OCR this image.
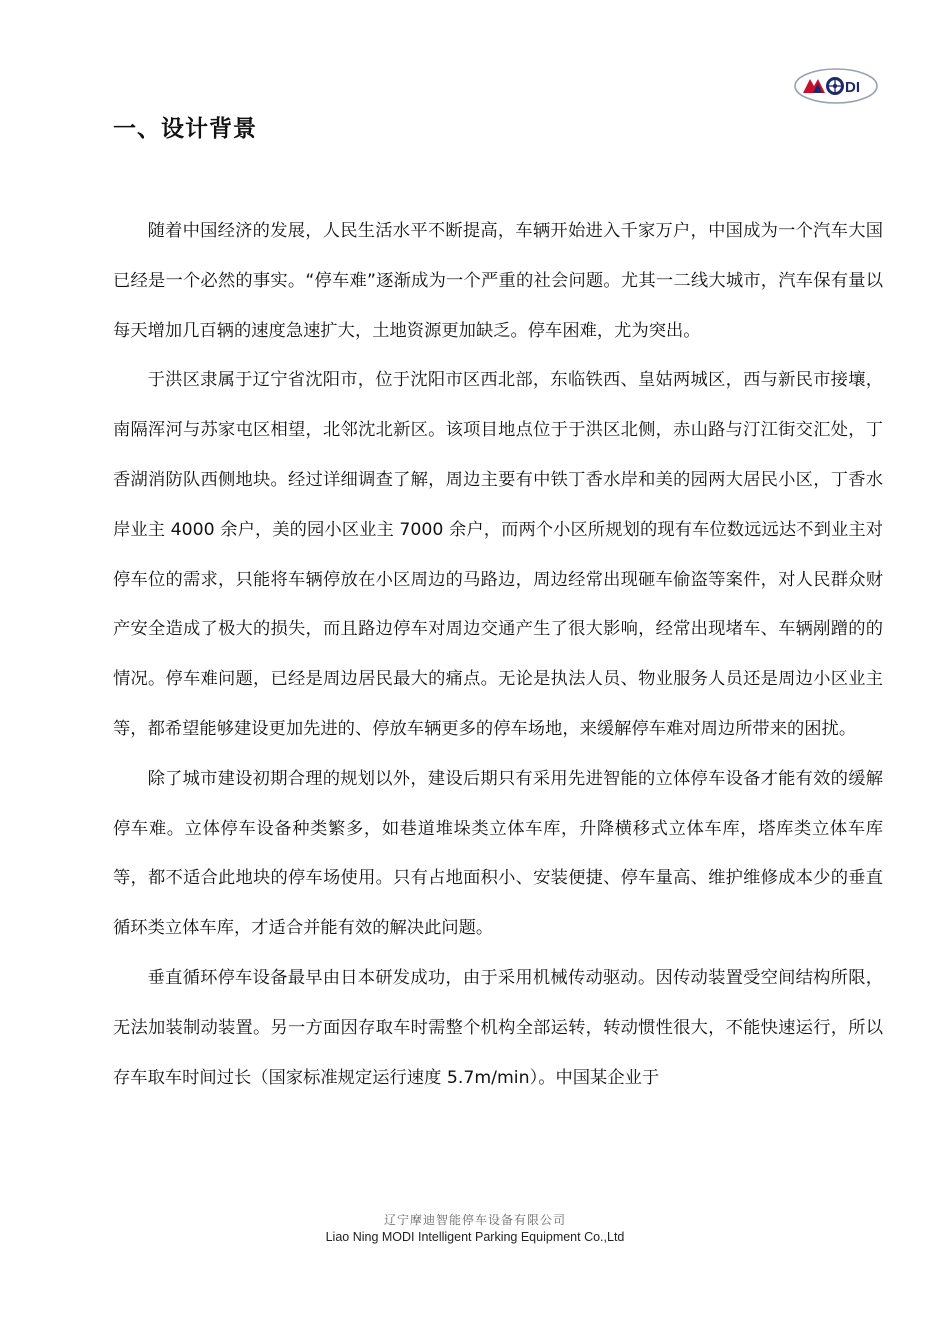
DI
一、设计背景

随着中国经济的发展，人民生活水平不断提高，车辆开始进入千家万户，中国成为一个汽车大国已经是一个必然的事实。“停车难”逐渐成为一个严重的社会问题。尤其一二线大城市，汽车保有量以每天增加几百辆的速度急速扩大，土地资源更加缺乏。停车困难，尤为突出。

于洪区隶属于辽宁省沈阳市，位于沈阳市区西北部，东临铁西、皇姑两城区，西与新民市接壤，南隔浑河与苏家屯区相望，北邻沈北新区。该项目地点位于于洪区北侧，赤山路与汀江街交汇处，丁香湖消防队西侧地块。经过详细调查了解，周边主要有中铁丁香水岸和美的园两大居民小区，丁香水岸业主 4000 余户，美的园小区业主 7000 余户，而两个小区所规划的现有车位数远远达不到业主对停车位的需求，只能将车辆停放在小区周边的马路边，周边经常出现砸车偷盗等案件，对人民群众财产安全造成了极大的损失，而且路边停车对周边交通产生了很大影响，经常出现堵车、车辆剐蹭的的情况。停车难问题，已经是周边居民最大的痛点。无论是执法人员、物业服务人员还是周边小区业主等，都希望能够建设更加先进的、停放车辆更多的停车场地，来缓解停车难对周边所带来的困扰。

除了城市建设初期合理的规划以外，建设后期只有采用先进智能的立体停车设备才能有效的缓解停车难。立体停车设备种类繁多，如巷道堆垛类立体车库，升降横移式立体车库，塔库类立体车库等，都不适合此地块的停车场使用。只有占地面积小、安装便捷、停车量高、维护维修成本少的垂直循环类立体车库，才适合并能有效的解决此问题。

垂直循环停车设备最早由日本研发成功，由于采用机械传动驱动。因传动装置受空间结构所限，无法加装制动装置。另一方面因存取车时需整个机构全部运转，转动惯性很大，不能快速运行，所以存车取车时间过长（国家标准规定运行速度 5.7m/min）。中国某企业于

辽宁摩迪智能停车设备有限公司
Liao Ning MODI Intelligent Parking Equipment Co.,Ltd
